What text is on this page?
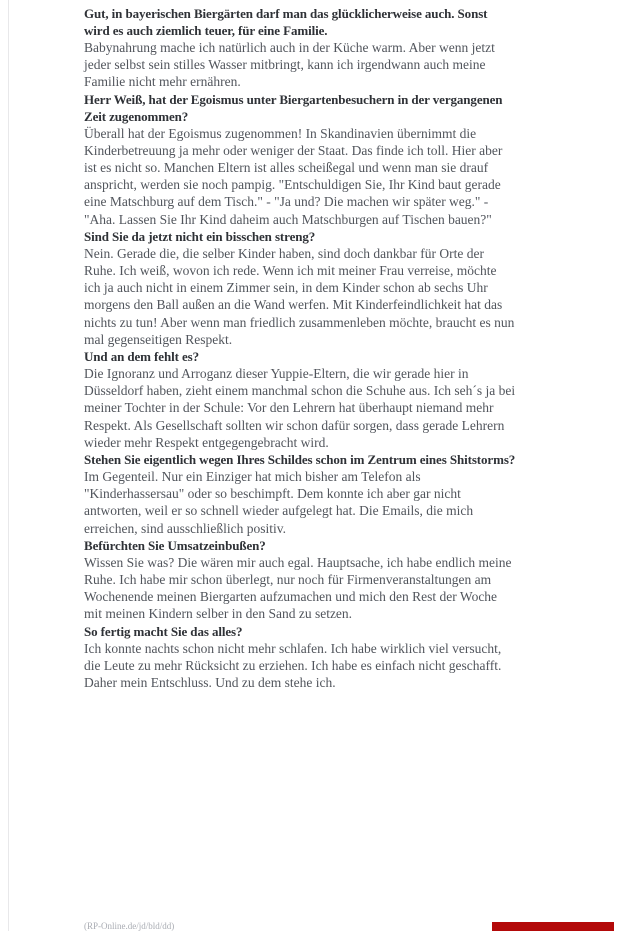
Gut, in bayerischen Biergärten darf man das glücklicherweise auch. Sonst wird es auch ziemlich teuer, für eine Familie.

Babynahrung mache ich natürlich auch in der Küche warm. Aber wenn jetzt jeder selbst sein stilles Wasser mitbringt, kann ich irgendwann auch meine Familie nicht mehr ernähren.

Herr Weiß, hat der Egoismus unter Biergartenbesuchern in der vergangenen Zeit zugenommen?

Überall hat der Egoismus zugenommen! In Skandinavien übernimmt die Kinderbetreuung ja mehr oder weniger der Staat. Das finde ich toll. Hier aber ist es nicht so. Manchen Eltern ist alles scheißegal und wenn man sie drauf anspricht, werden sie noch pampig. "Entschuldigen Sie, Ihr Kind baut gerade eine Matschburg auf dem Tisch." - "Ja und? Die machen wir später weg." - "Aha. Lassen Sie Ihr Kind daheim auch Matschburgen auf Tischen bauen?"

Sind Sie da jetzt nicht ein bisschen streng?

Nein. Gerade die, die selber Kinder haben, sind doch dankbar für Orte der Ruhe. Ich weiß, wovon ich rede. Wenn ich mit meiner Frau verreise, möchte ich ja auch nicht in einem Zimmer sein, in dem Kinder schon ab sechs Uhr morgens den Ball außen an die Wand werfen. Mit Kinderfeindlichkeit hat das nichts zu tun! Aber wenn man friedlich zusammenleben möchte, braucht es nun mal gegenseitigen Respekt.

Und an dem fehlt es?

Die Ignoranz und Arroganz dieser Yuppie-Eltern, die wir gerade hier in Düsseldorf haben, zieht einem manchmal schon die Schuhe aus. Ich seh´s ja bei meiner Tochter in der Schule: Vor den Lehrern hat überhaupt niemand mehr Respekt. Als Gesellschaft sollten wir schon dafür sorgen, dass gerade Lehrern wieder mehr Respekt entgegengebracht wird.

Stehen Sie eigentlich wegen Ihres Schildes schon im Zentrum eines Shitstorms?

Im Gegenteil. Nur ein Einziger hat mich bisher am Telefon als "Kinderhassersau" oder so beschimpft. Dem konnte ich aber gar nicht antworten, weil er so schnell wieder aufgelegt hat. Die Emails, die mich erreichen, sind ausschließlich positiv.

Befürchten Sie Umsatzeinbußen?

Wissen Sie was? Die wären mir auch egal. Hauptsache, ich habe endlich meine Ruhe. Ich habe mir schon überlegt, nur noch für Firmenveranstaltungen am Wochenende meinen Biergarten aufzumachen und mich den Rest der Woche mit meinen Kindern selber in den Sand zu setzen.

So fertig macht Sie das alles?

Ich konnte nachts schon nicht mehr schlafen. Ich habe wirklich viel versucht, die Leute zu mehr Rücksicht zu erziehen. Ich habe es einfach nicht geschafft. Daher mein Entschluss. Und zu dem stehe ich.

(RP-Online.de/jd/bld/dd)
